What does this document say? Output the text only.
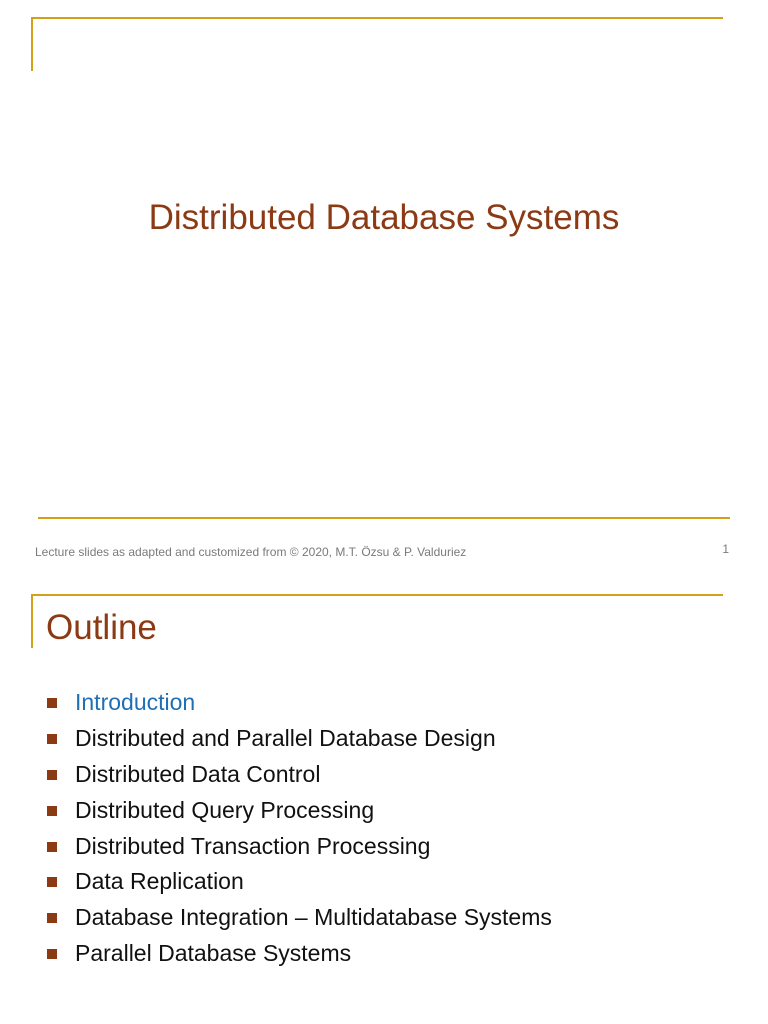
Distributed Database Systems
Lecture slides as adapted and customized from © 2020, M.T. Özsu & P. Valduriez	1
Outline
Introduction
Distributed and Parallel Database Design
Distributed Data Control
Distributed Query Processing
Distributed Transaction Processing
Data Replication
Database Integration – Multidatabase Systems
Parallel Database Systems
